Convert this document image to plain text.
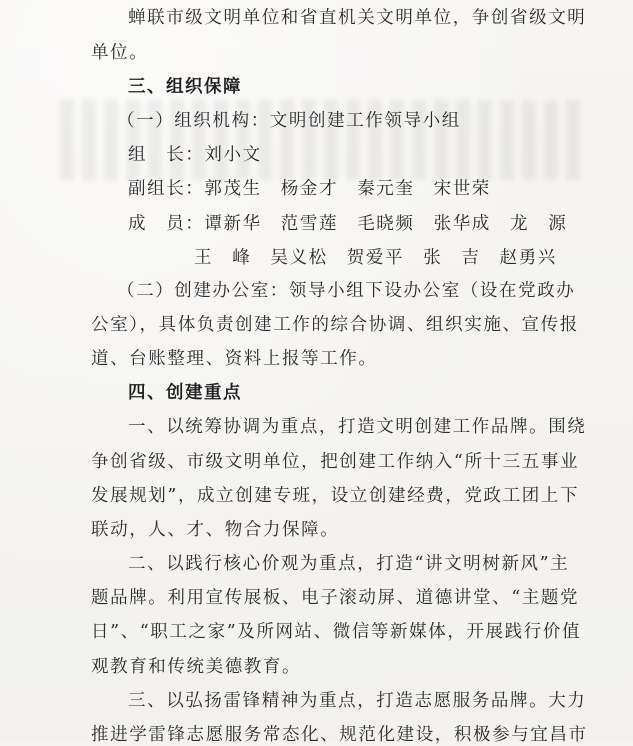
蝉联市级文明单位和省直机关文明单位，争创省级文明
单位。
三、组织保障
（一）组织机构：文明创建工作领导小组
组　长：刘小文
副组长：郭茂生　杨金才　秦元奎　宋世荣
成　员：谭新华　范雪莲　毛晓频　张华成　龙　源
王　峰　吴义松　贺爱平　张　吉　赵勇兴
（二）创建办公室：领导小组下设办公室（设在党政办
公室），具体负责创建工作的综合协调、组织实施、宣传报
道、台账整理、资料上报等工作。
四、创建重点
一、以统筹协调为重点，打造文明创建工作品牌。围绕
争创省级、市级文明单位，把创建工作纳入“所十三五事业
发展规划”，成立创建专班，设立创建经费，党政工团上下
联动，人、才、物合力保障。
二、以践行核心价观为重点，打造“讲文明树新风”主
题品牌。利用宣传展板、电子滚动屏、道德讲堂、“主题党
日”、“职工之家”及所网站、微信等新媒体，开展践行价值
观教育和传统美德教育。
三、以弘扬雷锋精神为重点，打造志愿服务品牌。大力
推进学雷锋志愿服务常态化、规范化建设，积极参与宜昌市
